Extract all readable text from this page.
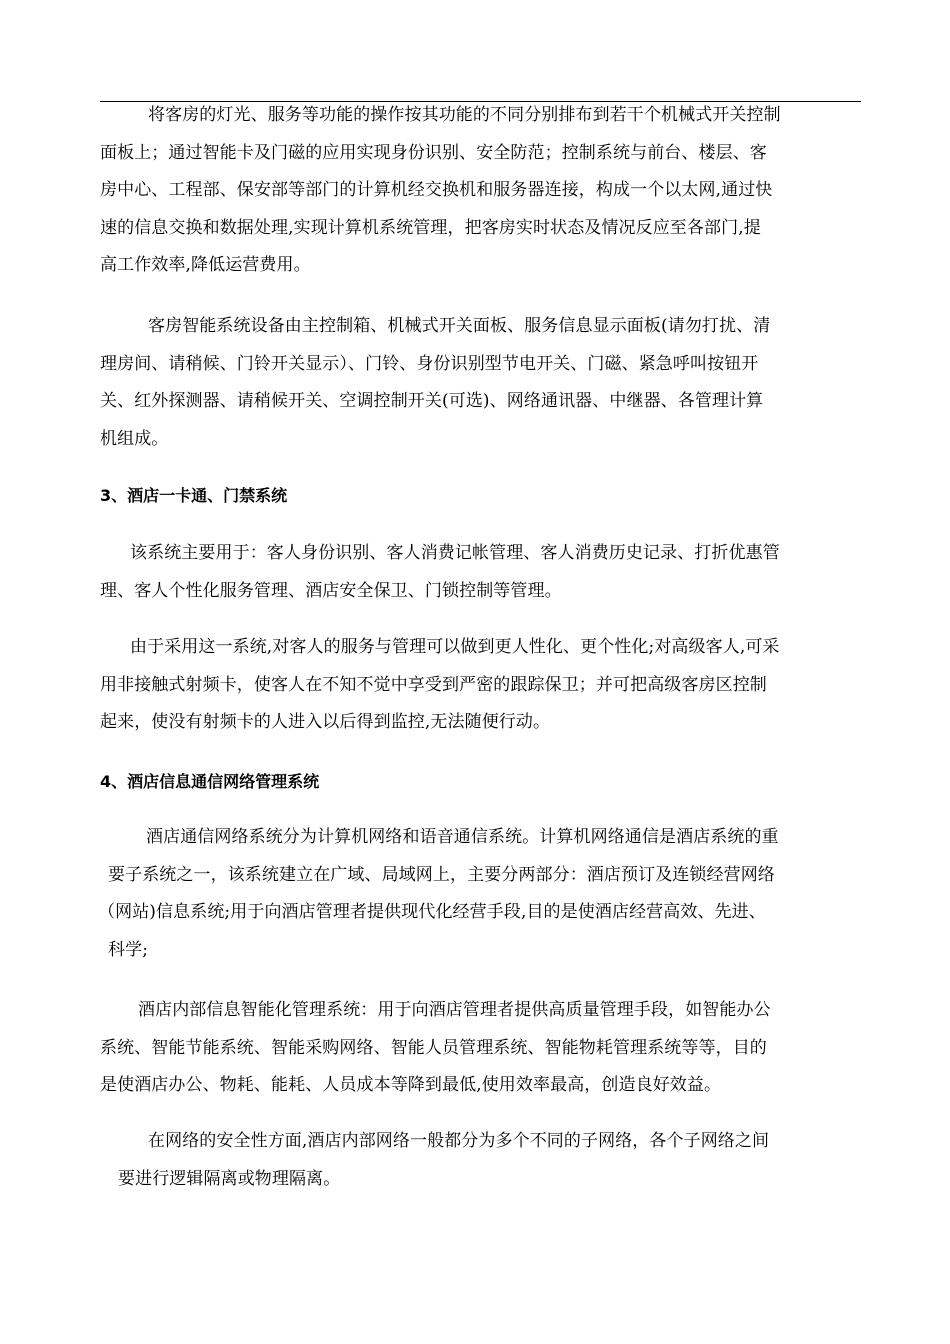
将客房的灯光、服务等功能的操作按其功能的不同分别排布到若干个机械式开关控制
面板上；通过智能卡及门磁的应用实现身份识别、安全防范；控制系统与前台、楼层、客
房中心、工程部、保安部等部门的计算机经交换机和服务器连接，构成一个以太网,通过快
速的信息交换和数据处理,实现计算机系统管理，把客房实时状态及情况反应至各部门,提
高工作效率,降低运营费用。
客房智能系统设备由主控制箱、机械式开关面板、服务信息显示面板(请勿打扰、清
理房间、请稍候、门铃开关显示）、门铃、身份识别型节电开关、门磁、紧急呼叫按钮开
关、红外探测器、请稍候开关、空调控制开关(可选)、网络通讯器、中继器、各管理计算
机组成。
3、酒店一卡通、门禁系统
该系统主要用于：客人身份识别、客人消费记帐管理、客人消费历史记录、打折优惠管
理、客人个性化服务管理、酒店安全保卫、门锁控制等管理。
由于采用这一系统,对客人的服务与管理可以做到更人性化、更个性化;对高级客人,可采
用非接触式射频卡，使客人在不知不觉中享受到严密的跟踪保卫；并可把高级客房区控制
起来，使没有射频卡的人进入以后得到监控,无法随便行动。
4、酒店信息通信网络管理系统
酒店通信网络系统分为计算机网络和语音通信系统。计算机网络通信是酒店系统的重
要子系统之一，该系统建立在广域、局域网上，主要分两部分：酒店预订及连锁经营网络
（网站)信息系统;用于向酒店管理者提供现代化经营手段,目的是使酒店经营高效、先进、
科学;
酒店内部信息智能化管理系统：用于向酒店管理者提供高质量管理手段，如智能办公
系统、智能节能系统、智能采购网络、智能人员管理系统、智能物耗管理系统等等，目的
是使酒店办公、物耗、能耗、人员成本等降到最低,使用效率最高，创造良好效益。
在网络的安全性方面,酒店内部网络一般都分为多个不同的子网络，各个子网络之间
要进行逻辑隔离或物理隔离。
